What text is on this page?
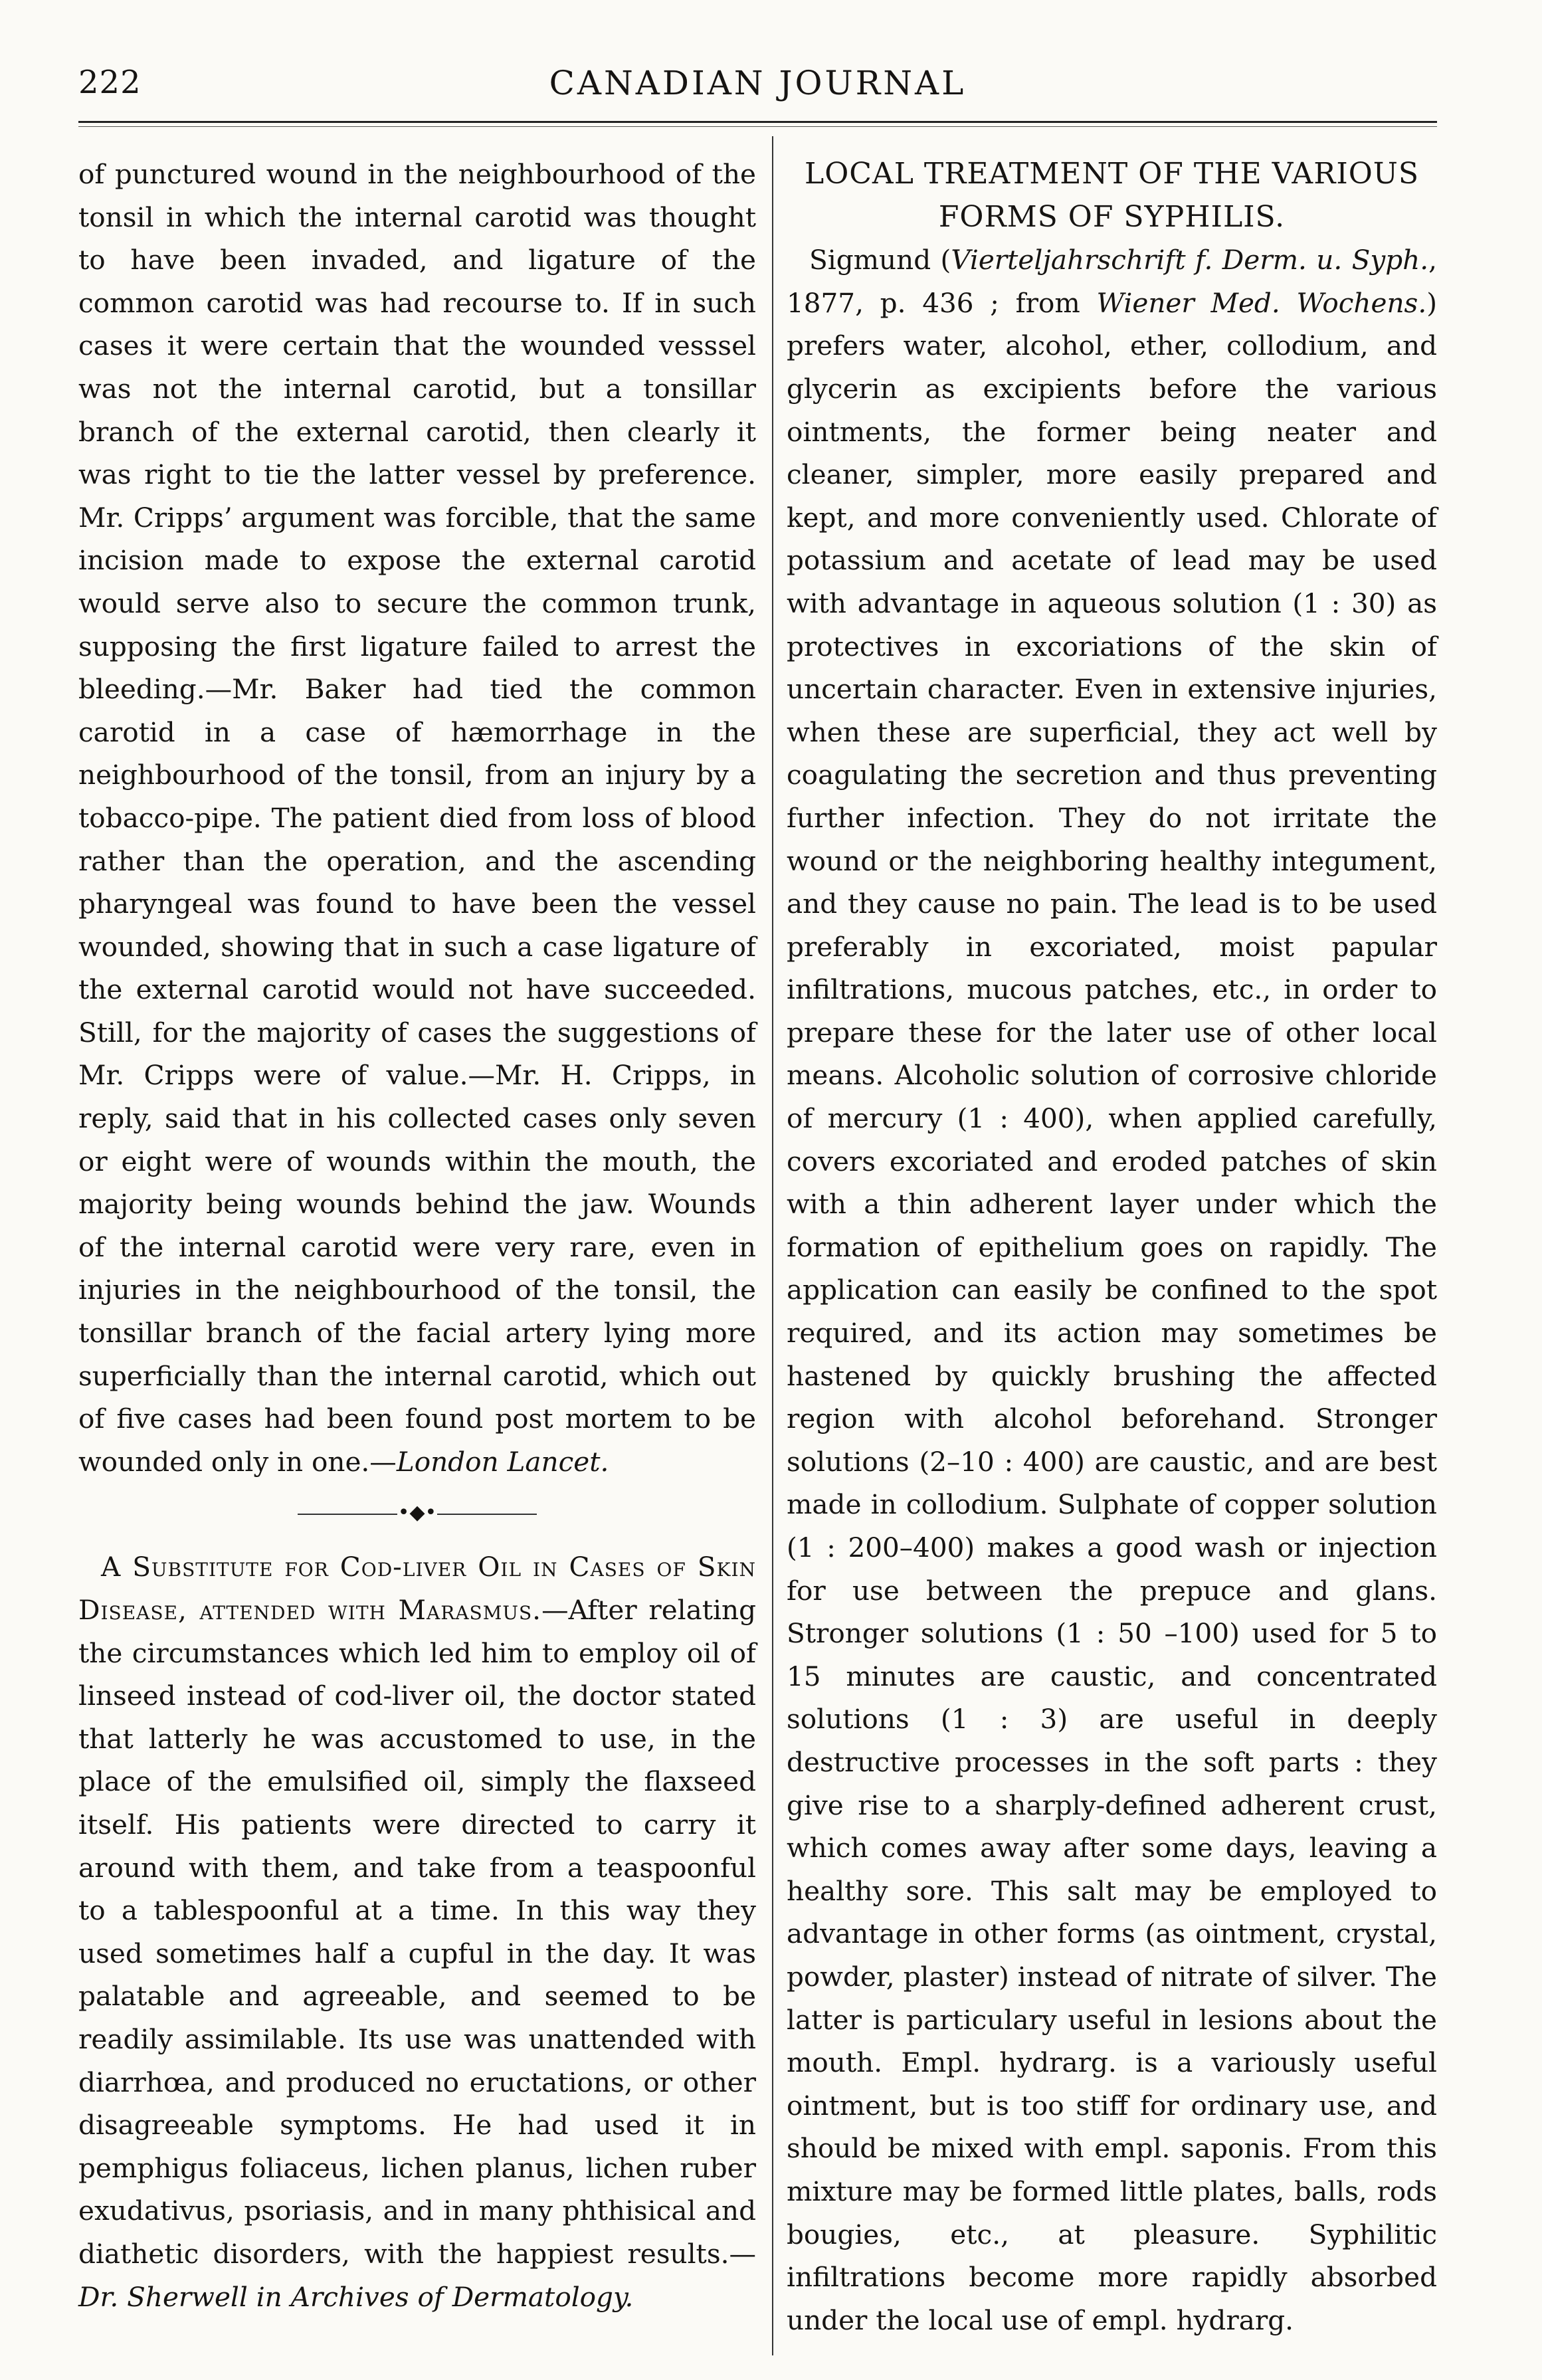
222	CANADIAN JOURNAL

of punctured wound in the neighbourhood of the tonsil in which the internal carotid was thought to have been invaded, and ligature of the common carotid was had recourse to. If in such cases it were certain that the wounded vesssel was not the internal carotid, but a tonsillar branch of the external carotid, then clearly it was right to tie the latter vessel by preference. Mr. Cripps’ argument was forcible, that the same incision made to expose the external carotid would serve also to secure the common trunk, supposing the first ligature failed to arrest the bleeding.—Mr. Baker had tied the common carotid in a case of hæmorrhage in the neighbourhood of the tonsil, from an injury by a tobacco-pipe. The patient died from loss of blood rather than the operation, and the ascending pharyngeal was found to have been the vessel wounded, showing that in such a case ligature of the external carotid would not have succeeded. Still, for the majority of cases the suggestions of Mr. Cripps were of value.—Mr. H. Cripps, in reply, said that in his collected cases only seven or eight were of wounds within the mouth, the majority being wounds behind the jaw. Wounds of the internal carotid were very rare, even in injuries in the neighbourhood of the tonsil, the tonsillar branch of the facial artery lying more superficially than the internal carotid, which out of five cases had been found post mortem to be wounded only in one.—London Lancet.

•◆•

A Substitute for Cod-liver Oil in Cases of Skin Disease, attended with Marasmus.—After relating the circumstances which led him to employ oil of linseed instead of cod-liver oil, the doctor stated that latterly he was accustomed to use, in the place of the emulsified oil, simply the flaxseed itself. His patients were directed to carry it around with them, and take from a teaspoonful to a tablespoonful at a time. In this way they used sometimes half a cupful in the day. It was palatable and agreeable, and seemed to be readily assimilable. Its use was unattended with diarrhœa, and produced no eructations, or other disagreeable symptoms. He had used it in pemphigus foliaceus, lichen planus, lichen ruber exudativus, psoriasis, and in many phthisical and diathetic disorders, with the happiest results.—Dr. Sherwell in Archives of Dermatology.

LOCAL TREATMENT OF THE VARIOUS FORMS OF SYPHILIS.

Sigmund (Vierteljahrschrift f. Derm. u. Syph., 1877, p. 436 ; from Wiener Med. Wochens.) prefers water, alcohol, ether, collodium, and glycerin as excipients before the various ointments, the former being neater and cleaner, simpler, more easily prepared and kept, and more conveniently used. Chlorate of potassium and acetate of lead may be used with advantage in aqueous solution (1 : 30) as protectives in excoriations of the skin of uncertain character. Even in extensive injuries, when these are superficial, they act well by coagulating the secretion and thus preventing further infection. They do not irritate the wound or the neighboring healthy integument, and they cause no pain. The lead is to be used preferably in excoriated, moist papular infiltrations, mucous patches, etc., in order to prepare these for the later use of other local means. Alcoholic solution of corrosive chloride of mercury (1 : 400), when applied carefully, covers excoriated and eroded patches of skin with a thin adherent layer under which the formation of epithelium goes on rapidly. The application can easily be confined to the spot required, and its action may sometimes be hastened by quickly brushing the affected region with alcohol beforehand. Stronger solutions (2–10 : 400) are caustic, and are best made in collodium. Sulphate of copper solution (1 : 200–400) makes a good wash or injection for use between the prepuce and glans. Stronger solutions (1 : 50 –100) used for 5 to 15 minutes are caustic, and concentrated solutions (1 : 3) are useful in deeply destructive processes in the soft parts : they give rise to a sharply-defined adherent crust, which comes away after some days, leaving a healthy sore. This salt may be employed to advantage in other forms (as ointment, crystal, powder, plaster) instead of nitrate of silver. The latter is particulary useful in lesions about the mouth. Empl. hydrarg. is a variously useful ointment, but is too stiff for ordinary use, and should be mixed with empl. saponis. From this mixture may be formed little plates, balls, rods bougies, etc., at pleasure. Syphilitic infiltrations become more rapidly absorbed under the local use of empl. hydrarg.
